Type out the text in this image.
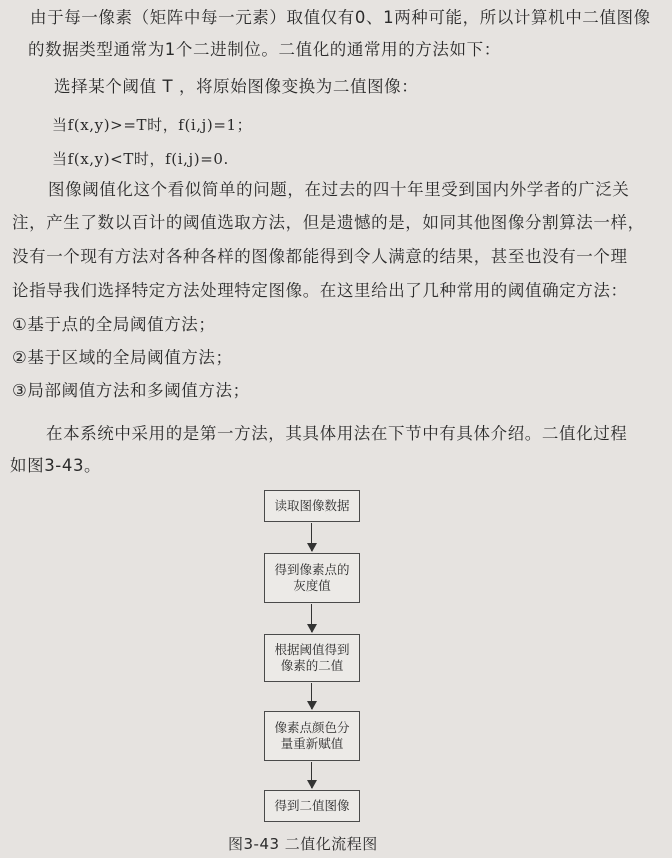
由于每一像素（矩阵中每一元素）取值仅有0、1两种可能，所以计算机中二值图像
的数据类型通常为1个二进制位。二值化的通常用的方法如下：
选择某个阈值 T ，将原始图像变换为二值图像：
当f(x,y)>=T时，f(i,j)=1；
当f(x,y)<T时，f(i,j)=0.
图像阈值化这个看似简单的问题，在过去的四十年里受到国内外学者的广泛关
注，产生了数以百计的阈值选取方法，但是遗憾的是，如同其他图像分割算法一样，
没有一个现有方法对各种各样的图像都能得到令人满意的结果，甚至也没有一个理
论指导我们选择特定方法处理特定图像。在这里给出了几种常用的阈值确定方法：
①基于点的全局阈值方法；
②基于区域的全局阈值方法；
③局部阈值方法和多阈值方法；
在本系统中采用的是第一方法，其具体用法在下节中有具体介绍。二值化过程
如图3-43。
读取图像数据
得到像素点的
灰度值
根据阈值得到
像素的二值
像素点颜色分
量重新赋值
得到二值图像
图3-43 二值化流程图
